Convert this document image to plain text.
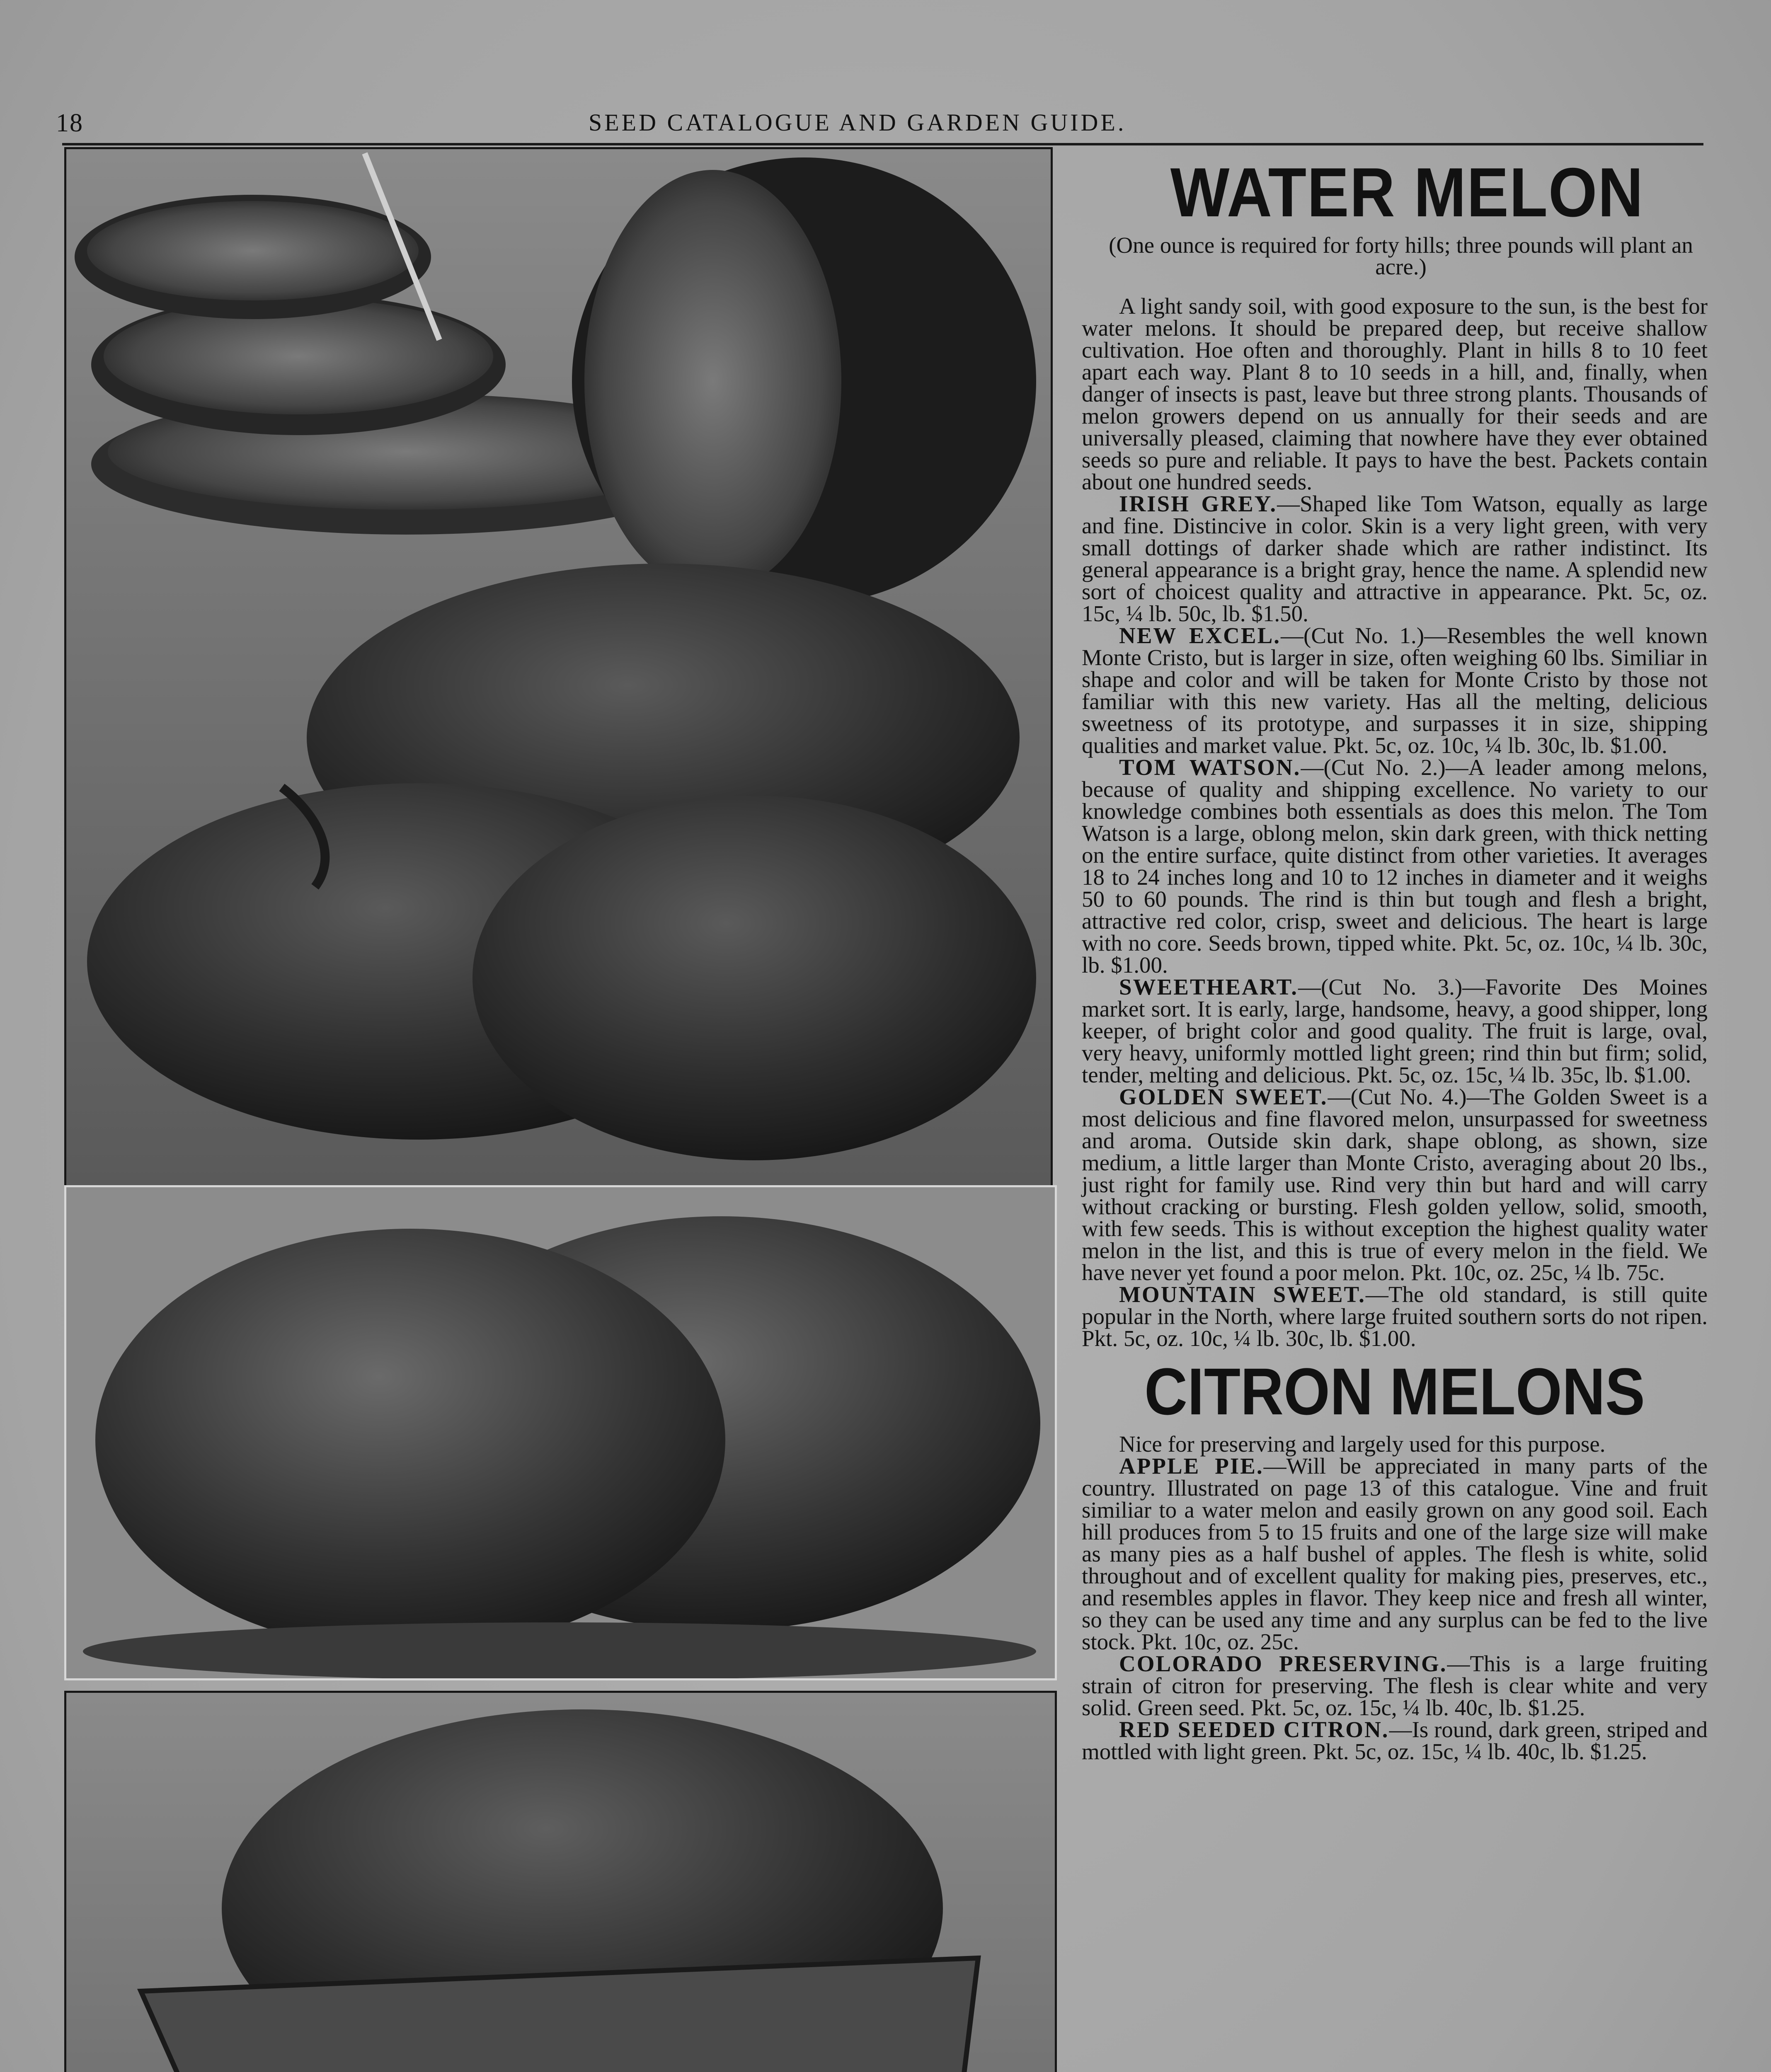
18	SEED CATALOGUE AND GARDEN GUIDE.
WATER MELON
(One ounce is required for forty hills; three pounds will plant an acre.)

A light sandy soil, with good exposure to the sun, is the best for water melons. It should be prepared deep, but receive shallow cultivation. Hoe often and thoroughly. Plant in hills 8 to 10 feet apart each way. Plant 8 to 10 seeds in a hill, and, finally, when danger of insects is past, leave but three strong plants. Thousands of melon growers depend on us annually for their seeds and are universally pleased, claiming that nowhere have they ever obtained seeds so pure and reliable. It pays to have the best. Packets contain about one hundred seeds.

IRISH GREY.—Shaped like Tom Watson, equally as large and fine. Distincive in color. Skin is a very light green, with very small dottings of darker shade which are rather indistinct. Its general appearance is a bright gray, hence the name. A splendid new sort of choicest quality and attractive in appearance. Pkt. 5c, oz. 15c, ¼ lb. 50c, lb. $1.50.

NEW EXCEL.—(Cut No. 1.)—Resembles the well known Monte Cristo, but is larger in size, often weighing 60 lbs. Similiar in shape and color and will be taken for Monte Cristo by those not familiar with this new variety. Has all the melting, delicious sweetness of its prototype, and surpasses it in size, shipping qualities and market value. Pkt. 5c, oz. 10c, ¼ lb. 30c, lb. $1.00.

TOM WATSON.—(Cut No. 2.)—A leader among melons, because of quality and shipping excellence. No variety to our knowledge combines both essentials as does this melon. The Tom Watson is a large, oblong melon, skin dark green, with thick netting on the entire surface, quite distinct from other varieties. It averages 18 to 24 inches long and 10 to 12 inches in diameter and it weighs 50 to 60 pounds. The rind is thin but tough and flesh a bright, attractive red color, crisp, sweet and delicious. The heart is large with no core. Seeds brown, tipped white. Pkt. 5c, oz. 10c, ¼ lb. 30c, lb. $1.00.

SWEETHEART.—(Cut No. 3.)—Favorite Des Moines market sort. It is early, large, handsome, heavy, a good shipper, long keeper, of bright color and good quality. The fruit is large, oval, very heavy, uniformly mottled light green; rind thin but firm; solid, tender, melting and delicious. Pkt. 5c, oz. 15c, ¼ lb. 35c, lb. $1.00.

GOLDEN SWEET.—(Cut No. 4.)—The Golden Sweet is a most delicious and fine flavored melon, unsurpassed for sweetness and aroma. Outside skin dark, shape oblong, as shown, size medium, a little larger than Monte Cristo, averaging about 20 lbs., just right for family use. Rind very thin but hard and will carry without cracking or bursting. Flesh golden yellow, solid, smooth, with few seeds. This is without exception the highest quality water melon in the list, and this is true of every melon in the field. We have never yet found a poor melon. Pkt. 10c, oz. 25c, ¼ lb. 75c.

MOUNTAIN SWEET.—The old standard, is still quite popular in the North, where large fruited southern sorts do not ripen. Pkt. 5c, oz. 10c, ¼ lb. 30c, lb. $1.00.

CITRON MELONS

Nice for preserving and largely used for this purpose.

APPLE PIE.—Will be appreciated in many parts of the country. Illustrated on page 13 of this catalogue. Vine and fruit similiar to a water melon and easily grown on any good soil. Each hill produces from 5 to 15 fruits and one of the large size will make as many pies as a half bushel of apples. The flesh is white, solid throughout and of excellent quality for making pies, preserves, etc., and resembles apples in flavor. They keep nice and fresh all winter, so they can be used any time and any surplus can be fed to the live stock. Pkt. 10c, oz. 25c.

COLORADO PRESERVING.—This is a large fruiting strain of citron for preserving. The flesh is clear white and very solid. Green seed. Pkt. 5c, oz. 15c, ¼ lb. 40c, lb. $1.25.

RED SEEDED CITRON.—Is round, dark green, striped and mottled with light green. Pkt. 5c, oz. 15c, ¼ lb. 40c, lb. $1.25.
